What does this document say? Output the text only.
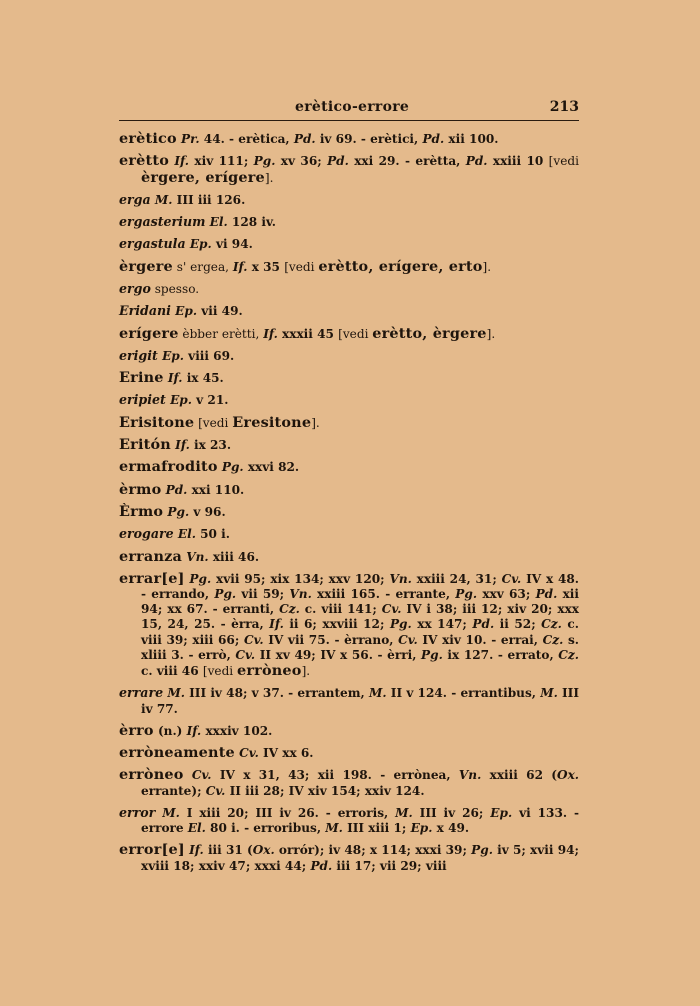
erètico-errore	213
erètico Pr. 44. - erètica, Pd. iv 69. - erètici, Pd. xii 100.
erètto If. xiv 111; Pg. xv 36; Pd. xxi 29. - erètta, Pd. xxiii 10 [vedi èrgere, erígere].
erga M. III iii 126.
ergasterium El. 128 iv.
ergastula Ep. vi 94.
èrgere s' ergea, If. x 35 [vedi erètto, erígere, erto].
ergo spesso.
Eridani Ep. vii 49.
erígere èbber erètti, If. xxxii 45 [vedi erètto, èrgere].
erigit Ep. viii 69.
Erine If. ix 45.
eripiet Ep. v 21.
Erisitone [vedi Eresitone].
Eritón If. ix 23.
ermafrodito Pg. xxvi 82.
èrmo Pd. xxi 110.
Èrmo Pg. v 96.
erogare El. 50 i.
erranza Vn. xiii 46.
errar[e] Pg. xvii 95; xix 134; xxv 120; Vn. xxiii 24, 31; Cv. IV x 48. - errando, Pg. vii 59; Vn. xxiii 165. - errante, Pg. xxv 63; Pd. xii 94; xx 67. - erranti, Cz. c. viii 141; Cv. IV i 38; iii 12; xiv 20; xxx 15, 24, 25. - èrra, If. ii 6; xxviii 12; Pg. xx 147; Pd. ii 52; Cz. c. viii 39; xiii 66; Cv. IV vii 75. - èrrano, Cv. IV xiv 10. - errai, Cz. s. xliii 3. - errò, Cv. II xv 49; IV x 56. - èrri, Pg. ix 127. - errato, Cz. c. viii 46 [vedi erròneo].
errare M. III iv 48; v 37. - errantem, M. II v 124. - errantibus, M. III iv 77.
èrro (n.) If. xxxiv 102.
erròneamente Cv. IV xx 6.
erròneo Cv. IV x 31, 43; xii 198. - errònea, Vn. xxiii 62 (Ox. errante); Cv. II iii 28; IV xiv 154; xxiv 124.
error M. I xiii 20; III iv 26. - erroris, M. III iv 26; Ep. vi 133. - errore El. 80 i. - erroribus, M. III xiii 1; Ep. x 49.
error[e] If. iii 31 (Ox. orrór); iv 48; x 114; xxxi 39; Pg. iv 5; xvii 94; xviii 18; xxiv 47; xxxi 44; Pd. iii 17; vii 29; viii
